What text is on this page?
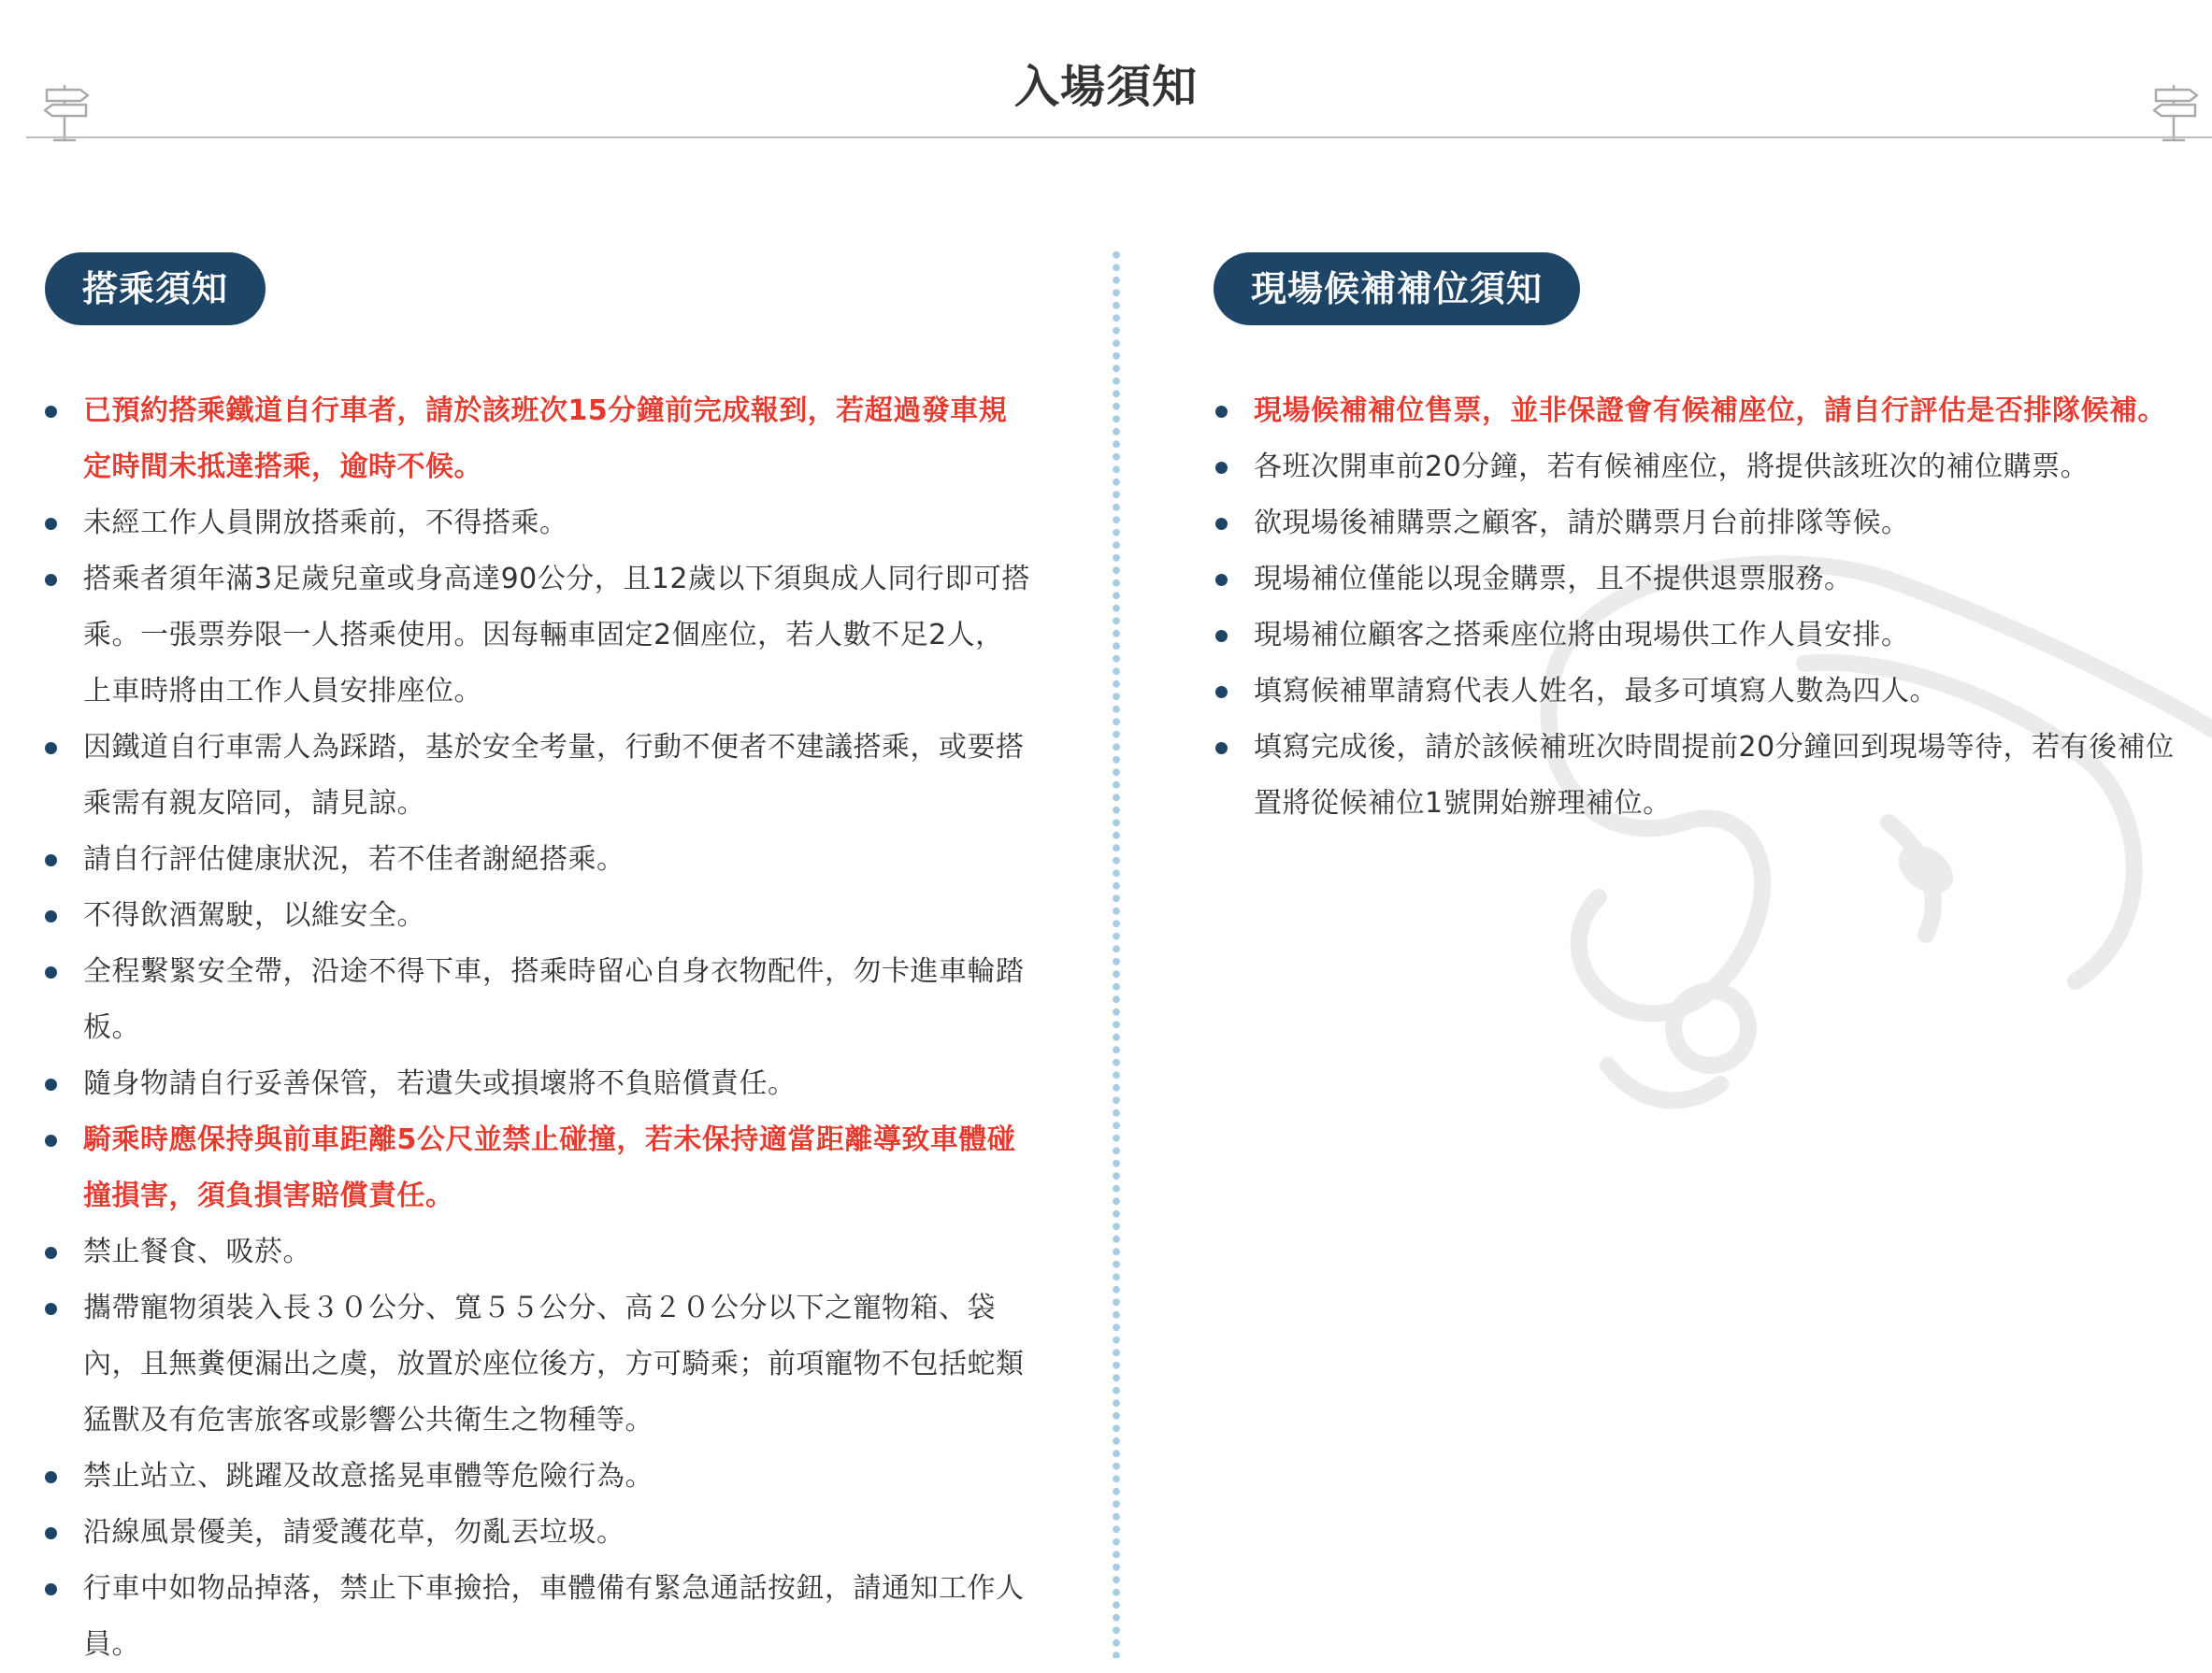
入場須知
搭乘須知
已預約搭乘鐵道自行車者，請於該班次15分鐘前完成報到，若超過發車規定時間未抵達搭乘，逾時不候。
未經工作人員開放搭乘前，不得搭乘。
搭乘者須年滿3足歲兒童或身高達90公分，且12歲以下須與成人同行即可搭乘。一張票券限一人搭乘使用。因每輛車固定2個座位，若人數不足2人，上車時將由工作人員安排座位。
因鐵道自行車需人為踩踏，基於安全考量，行動不便者不建議搭乘，或要搭乘需有親友陪同，請見諒。
請自行評估健康狀況，若不佳者謝絕搭乘。
不得飲酒駕駛，以維安全。
全程繫緊安全帶，沿途不得下車，搭乘時留心自身衣物配件，勿卡進車輪踏板。
隨身物請自行妥善保管，若遺失或損壞將不負賠償責任。
騎乘時應保持與前車距離5公尺並禁止碰撞，若未保持適當距離導致車體碰撞損害，須負損害賠償責任。
禁止餐食、吸菸。
攜帶寵物須裝入長３０公分、寬５５公分、高２０公分以下之寵物箱、袋內，且無糞便漏出之虞，放置於座位後方，方可騎乘；前項寵物不包括蛇類猛獸及有危害旅客或影響公共衛生之物種等。
禁止站立、跳躍及故意搖晃車體等危險行為。
沿線風景優美，請愛護花草，勿亂丟垃圾。
行車中如物品掉落，禁止下車撿拾，車體備有緊急通話按鈕，請通知工作人員。
現場候補補位須知
現場候補補位售票，並非保證會有候補座位，請自行評估是否排隊候補。
各班次開車前20分鐘，若有候補座位，將提供該班次的補位購票。
欲現場後補購票之顧客，請於購票月台前排隊等候。
現場補位僅能以現金購票，且不提供退票服務。
現場補位顧客之搭乘座位將由現場供工作人員安排。
填寫候補單請寫代表人姓名，最多可填寫人數為四人。
填寫完成後，請於該候補班次時間提前20分鐘回到現場等待，若有後補位置將從候補位1號開始辦理補位。
